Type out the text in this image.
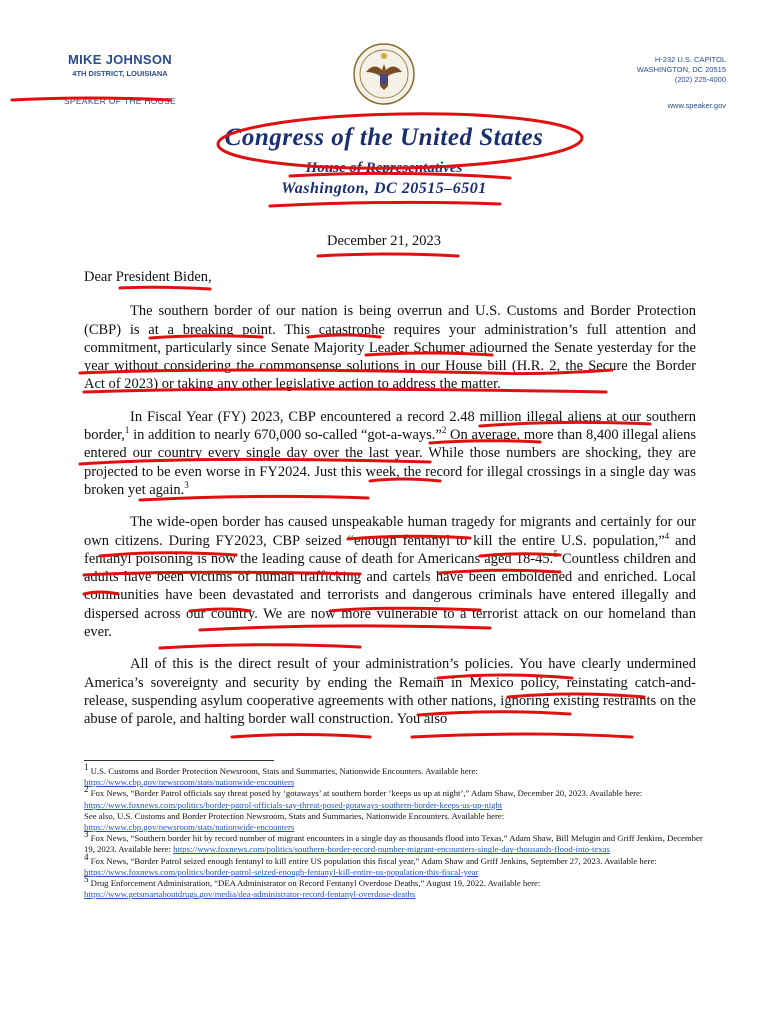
MIKE JOHNSON
4TH DISTRICT, LOUISIANA
SPEAKER OF THE HOUSE
H-232 U.S. CAPITOL
WASHINGTON, DC 20515
(202) 225-4000
www.speaker.gov
Congress of the United States
House of Representatives
Washington, DC 20515–6501
December 21, 2023

Dear President Biden,

The southern border of our nation is being overrun and U.S. Customs and Border Protection (CBP) is at a breaking point. This catastrophe requires your administration’s full attention and commitment, particularly since Senate Majority Leader Schumer adjourned the Senate yesterday for the year without considering the commonsense solutions in our House bill (H.R. 2, the Secure the Border Act of 2023) or taking any other legislative action to address the matter.

In Fiscal Year (FY) 2023, CBP encountered a record 2.48 million illegal aliens at our southern border,$^1$ in addition to nearly 670,000 so-called “got-a-ways.”$^2$ On average, more than 8,400 illegal aliens entered our country every single day over the last year. While those numbers are shocking, they are projected to be even worse in FY2024. Just this week, the record for illegal crossings in a single day was broken yet again.$^3$

The wide-open border has caused unspeakable human tragedy for migrants and certainly for our own citizens. During FY2023, CBP seized “enough fentanyl to kill the entire U.S. population,”$^4$ and fentanyl poisoning is now the leading cause of death for Americans aged 18-45.$^5$ Countless children and adults have been victims of human trafficking and cartels have been emboldened and enriched. Local communities have been devastated and terrorists and dangerous criminals have entered illegally and dispersed across our country. We are now more vulnerable to a terrorist attack on our homeland than ever.

All of this is the direct result of your administration’s policies. You have clearly undermined America’s sovereignty and security by ending the Remain in Mexico policy, reinstating catch-and-release, suspending asylum cooperative agreements with other nations, ignoring existing restraints on the abuse of parole, and halting border wall construction. You also

$^1$ U.S. Customs and Border Protection Newsroom, Stats and Summaries, Nationwide Encounters. Available here:
https://www.cbp.gov/newsroom/stats/nationwide-encounters
$^2$ Fox News, “Border Patrol officials say threat posed by ‘gotaways’ at southern border ‘keeps us up at night’,” Adam Shaw, December 20, 2023. Available here: https://www.foxnews.com/politics/border-patrol-officials-say-threat-posed-gotaways-southern-border-keeps-us-up-night
See also, U.S. Customs and Border Protection Newsroom, Stats and Summaries, Nationwide Encounters. Available here:
https://www.cbp.gov/newsroom/stats/nationwide-encounters
$^3$ Fox News, “Southern border hit by record number of migrant encounters in a single day as thousands flood into Texas,” Adam Shaw, Bill Melugin and Griff Jenkins, December 19, 2023. Available here: https://www.foxnews.com/politics/southern-border-record-number-migrant-encounters-single-day-thousands-flood-into-texas
$^4$ Fox News, “Border Patrol seized enough fentanyl to kill entire US population this fiscal year,” Adam Shaw and Griff Jenkins, September 27, 2023. Available here: https://www.foxnews.com/politics/border-patrol-seized-enough-fentanyl-kill-entire-us-population-this-fiscal-year
$^5$ Drug Enforcement Administration, “DEA Administrator on Record Fentanyl Overdose Deaths,” August 19, 2022. Available here:
https://www.getsmartaboutdrugs.gov/media/dea-administrator-record-fentanyl-overdose-deaths
